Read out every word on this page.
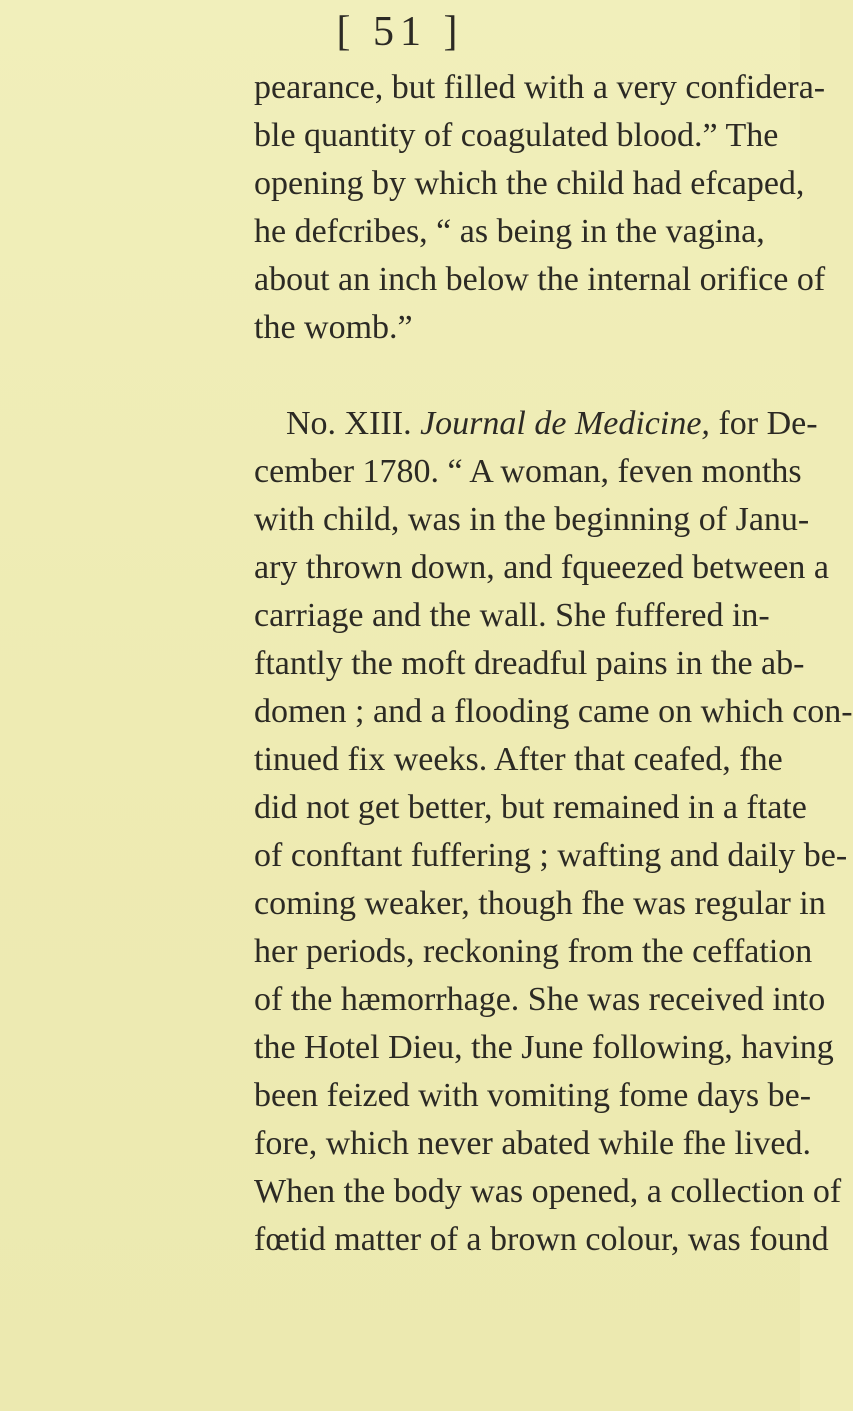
[ 51 ]
pearance, but filled with a very confidera-
ble quantity of coagulated blood.” The
opening by which the child had efcaped,
he defcribes, “ as being in the vagina,
about an inch below the internal orifice of
the womb.”
No. XIII. Journal de Medicine, for De-
cember 1780. “ A woman, feven months
with child, was in the beginning of Janu-
ary thrown down, and fqueezed between a
carriage and the wall. She fuffered in-
ftantly the moft dreadful pains in the ab-
domen ; and a flooding came on which con-
tinued fix weeks. After that ceafed, fhe
did not get better, but remained in a ftate
of conftant fuffering ; wafting and daily be-
coming weaker, though fhe was regular in
her periods, reckoning from the ceffation
of the hæmorrhage. She was received into
the Hotel Dieu, the June following, having
been feized with vomiting fome days be-
fore, which never abated while fhe lived.
When the body was opened, a collection of
fœtid matter of a brown colour, was found
